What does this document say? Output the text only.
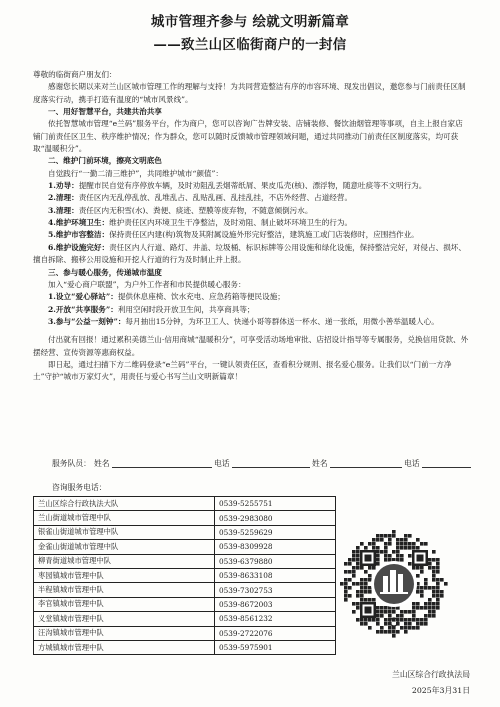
城市管理齐参与 绘就文明新篇章
——致兰山区临街商户的一封信

尊敬的临街商户朋友们：

感谢您长期以来对兰山区城市管理工作的理解与支持！为共同营造整洁有序的市容环境、现发出倡议，邀您参与门前责任区制度落实行动，携手打造有温度的“城市风景线”。

一、用好智慧平台，共建共治共享

依托智慧城市管理“e兰码”服务平台，作为商户，您可以咨询广告牌安装、店铺装修、餐饮油烟管理等事项，自主上报自家店铺门前责任区卫生、秩序维护情况；作为群众，您可以随时反馈城市管理领域问题，通过共同推动门前责任区制度落实，均可获取“温暖积分”。

二、维护门前环境，擦亮文明底色

自觉践行“一勤二清三维护”，共同维护城市“颜值”：

1.劝导：提醒市民自觉有序停放车辆，及时劝阻乱丢烟蒂纸屑、果皮瓜壳(核)、漂浮物，随意吐痰等不文明行为。

2.清理：责任区内无乱停乱放、乱堆乱占、乱贴乱画、乱挂乱挂，不店外经营、占道经营。

3.清理：责任区内无积雪(水)、粪便、痰迹、塑膜等废弃物，不随意倾倒污水。

4.维护环境卫生：维护责任区内环境卫生干净整洁，及时劝阻、制止破坏环境卫生的行为。

5.维护市容整洁：保持责任区内建(构)筑物及其附属设施外形完好整洁，建筑施工或门店装修时，应围挡作业。

6.维护设施完好：责任区内人行道、路灯、井盖、垃圾桶、标识标牌等公用设施和绿化设施，保持整洁完好，对侵占、损坏、擅自拆除、搬移公用设施和开挖人行道的行为及时制止并上报。

三、参与暖心服务，传递城市温度

加入“爱心商户联盟”，为户外工作者和市民提供暖心服务：

1.设立“爱心驿站”：提供休息座椅、饮水充电、应急药箱等便民设施；

2.开放“共享服务”：利用空闲时段开放卫生间，共享商具等；

3.参与“公益一刻钟”：每月抽出15分钟，为环卫工人、快递小哥等群体送一杯水、递一张纸，用微小善举温暖人心。

付出就有回报！通过累积美德兰山·信用商城“温暖积分”，可享受活动场地审批、店招设计指导等专属服务，兑换信用贷款、外摆经营、宣传资源等惠商权益。

即日起，通过扫描下方二维码登录“e兰码”平台，一键认领责任区，查看积分规则、报名爱心服务。让我们以“门前一方净土”守护“城市万家灯火”，用责任与爱心书写兰山文明新篇章！

服务队员： 姓名	电话	姓名	电话
咨询服务电话：
兰山区综合行政执法大队	0539-5255751
兰山街道城市管理中队	0539-2983080
银雀山街道城市管理中队	0539-5259629
金雀山街道城市管理中队	0539-8309928
柳青街道城市管理中队	0539-6379880
枣园镇城市管理中队	0539-8633108
半程镇城市管理中队	0539-7302753
李官镇城市管理中队	0539-8672003
义堂镇城市管理中队	0539-8561232
汪沟镇城市管理中队	0539-2722076
方城镇城市管理中队	0539-5975901
兰山区综合行政执法局
2025年3月31日
